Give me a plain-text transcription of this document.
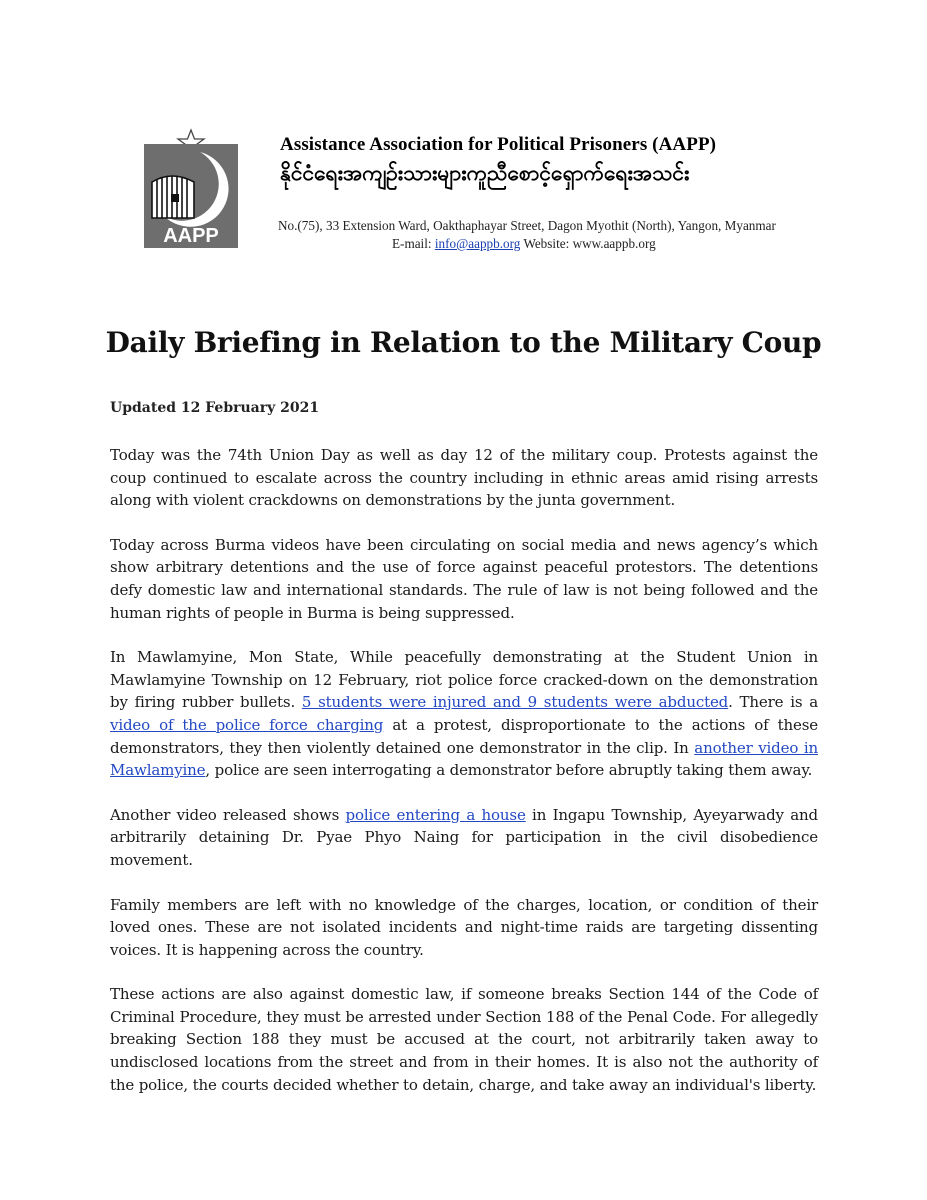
AAPP
Assistance Association for Political Prisoners (AAPP)
နိုင်ငံရေးအကျဉ်းသားများကူညီစောင့်ရှောက်ရေးအသင်း
No.(75), 33 Extension Ward, Oakthaphayar Street, Dagon Myothit (North), Yangon, Myanmar
E-mail: info@aappb.org Website: www.aappb.org
Daily Briefing in Relation to the Military Coup
Updated 12 February 2021

Today was the 74th Union Day as well as day 12 of the military coup. Protests against the coup continued to escalate across the country including in ethnic areas amid rising arrests along with violent crackdowns on demonstrations by the junta government.

Today across Burma videos have been circulating on social media and news agency’s which show arbitrary detentions and the use of force against peaceful protestors. The detentions defy domestic law and international standards. The rule of law is not being followed and the human rights of people in Burma is being suppressed.

In Mawlamyine, Mon State, While peacefully demonstrating at the Student Union in Mawlamyine Township on 12 February, riot police force cracked-down on the demonstration by firing rubber bullets. 5 students were injured and 9 students were abducted. There is a video of the police force charging at a protest, disproportionate to the actions of these demonstrators, they then violently detained one demonstrator in the clip. In another video in Mawlamyine, police are seen interrogating a demonstrator before abruptly taking them away.

Another video released shows police entering a house in Ingapu Township, Ayeyarwady and arbitrarily detaining Dr. Pyae Phyo Naing for participation in the civil disobedience movement.

Family members are left with no knowledge of the charges, location, or condition of their loved ones. These are not isolated incidents and night-time raids are targeting dissenting voices. It is happening across the country.

These actions are also against domestic law, if someone breaks Section 144 of the Code of Criminal Procedure, they must be arrested under Section 188 of the Penal Code. For allegedly breaking Section 188 they must be accused at the court, not arbitrarily taken away to undisclosed locations from the street and from in their homes. It is also not the authority of the police, the courts decided whether to detain, charge, and take away an individual's liberty.
